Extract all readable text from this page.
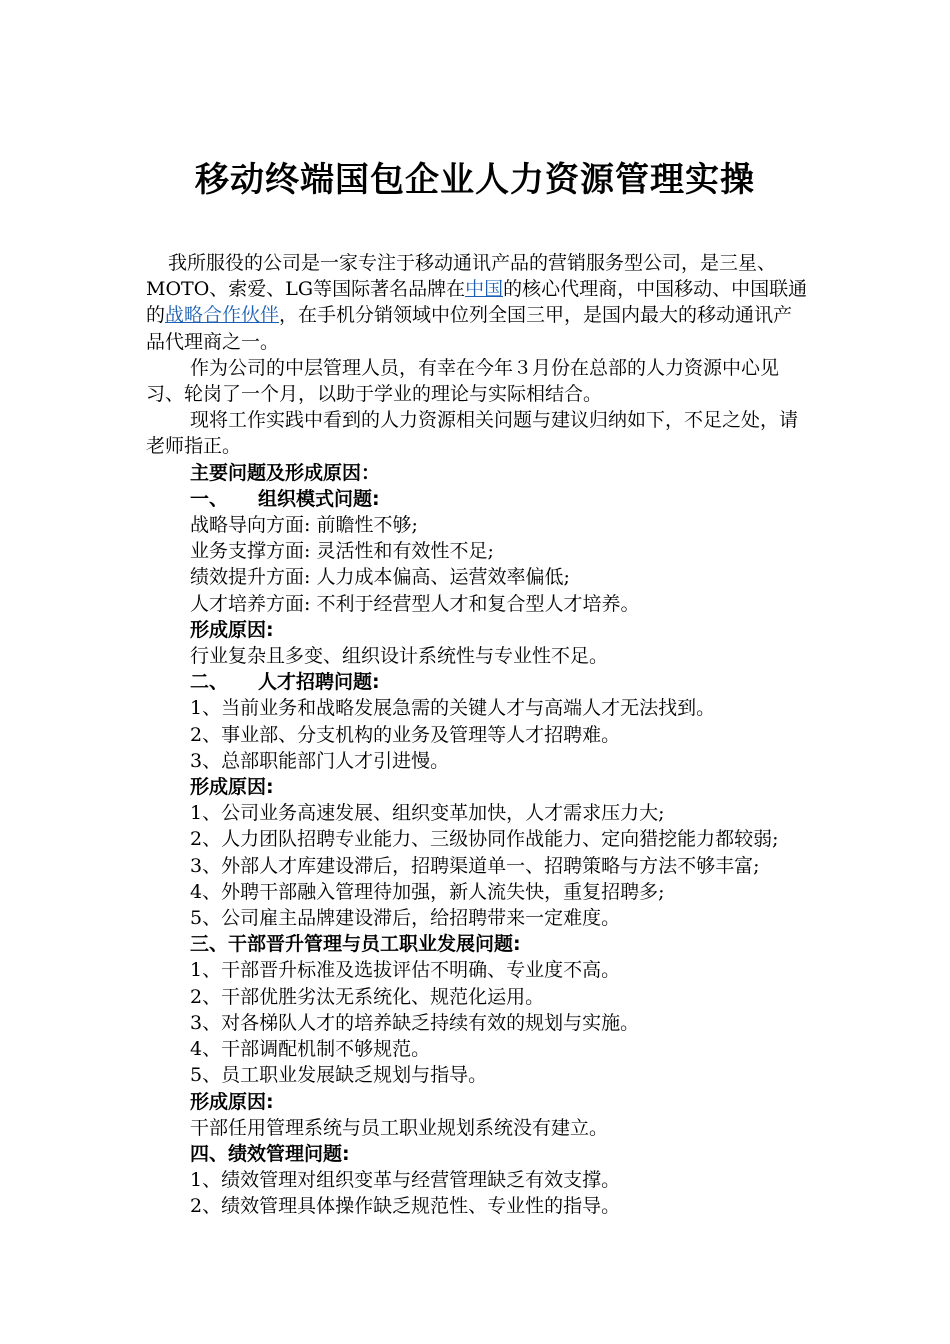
移动终端国包企业人力资源管理实操

我所服役的公司是一家专注于移动通讯产品的营销服务型公司，是三星、MOTO、索爱、LG等国际著名品牌在中国的核心代理商，中国移动、中国联通的战略合作伙伴，在手机分销领域中位列全国三甲，是国内最大的移动通讯产品代理商之一。

作为公司的中层管理人员，有幸在今年３月份在总部的人力资源中心见习、轮岗了一个月，以助于学业的理论与实际相结合。

现将工作实践中看到的人力资源相关问题与建议归纳如下，不足之处，请老师指正。

主要问题及形成原因：

一、 组织模式问题:

战略导向方面: 前瞻性不够;

业务支撑方面: 灵活性和有效性不足;

绩效提升方面: 人力成本偏高、运营效率偏低;

人才培养方面: 不利于经营型人才和复合型人才培养。

形成原因:

行业复杂且多变、组织设计系统性与专业性不足。

二、 人才招聘问题:

1、当前业务和战略发展急需的关键人才与高端人才无法找到。

2、事业部、分支机构的业务及管理等人才招聘难。

3、总部职能部门人才引进慢。

形成原因:

1、公司业务高速发展、组织变革加快，人才需求压力大;

2、人力团队招聘专业能力、三级协同作战能力、定向猎挖能力都较弱;

3、外部人才库建设滞后，招聘渠道单一、招聘策略与方法不够丰富;

4、外聘干部融入管理待加强，新人流失快，重复招聘多;

5、公司雇主品牌建设滞后，给招聘带来一定难度。

三、干部晋升管理与员工职业发展问题:

1、干部晋升标准及选拔评估不明确、专业度不高。

2、干部优胜劣汰无系统化、规范化运用。

3、对各梯队人才的培养缺乏持续有效的规划与实施。

4、干部调配机制不够规范。

5、员工职业发展缺乏规划与指导。

形成原因:

干部任用管理系统与员工职业规划系统没有建立。

四、绩效管理问题:

1、绩效管理对组织变革与经营管理缺乏有效支撑。

2、绩效管理具体操作缺乏规范性、专业性的指导。
